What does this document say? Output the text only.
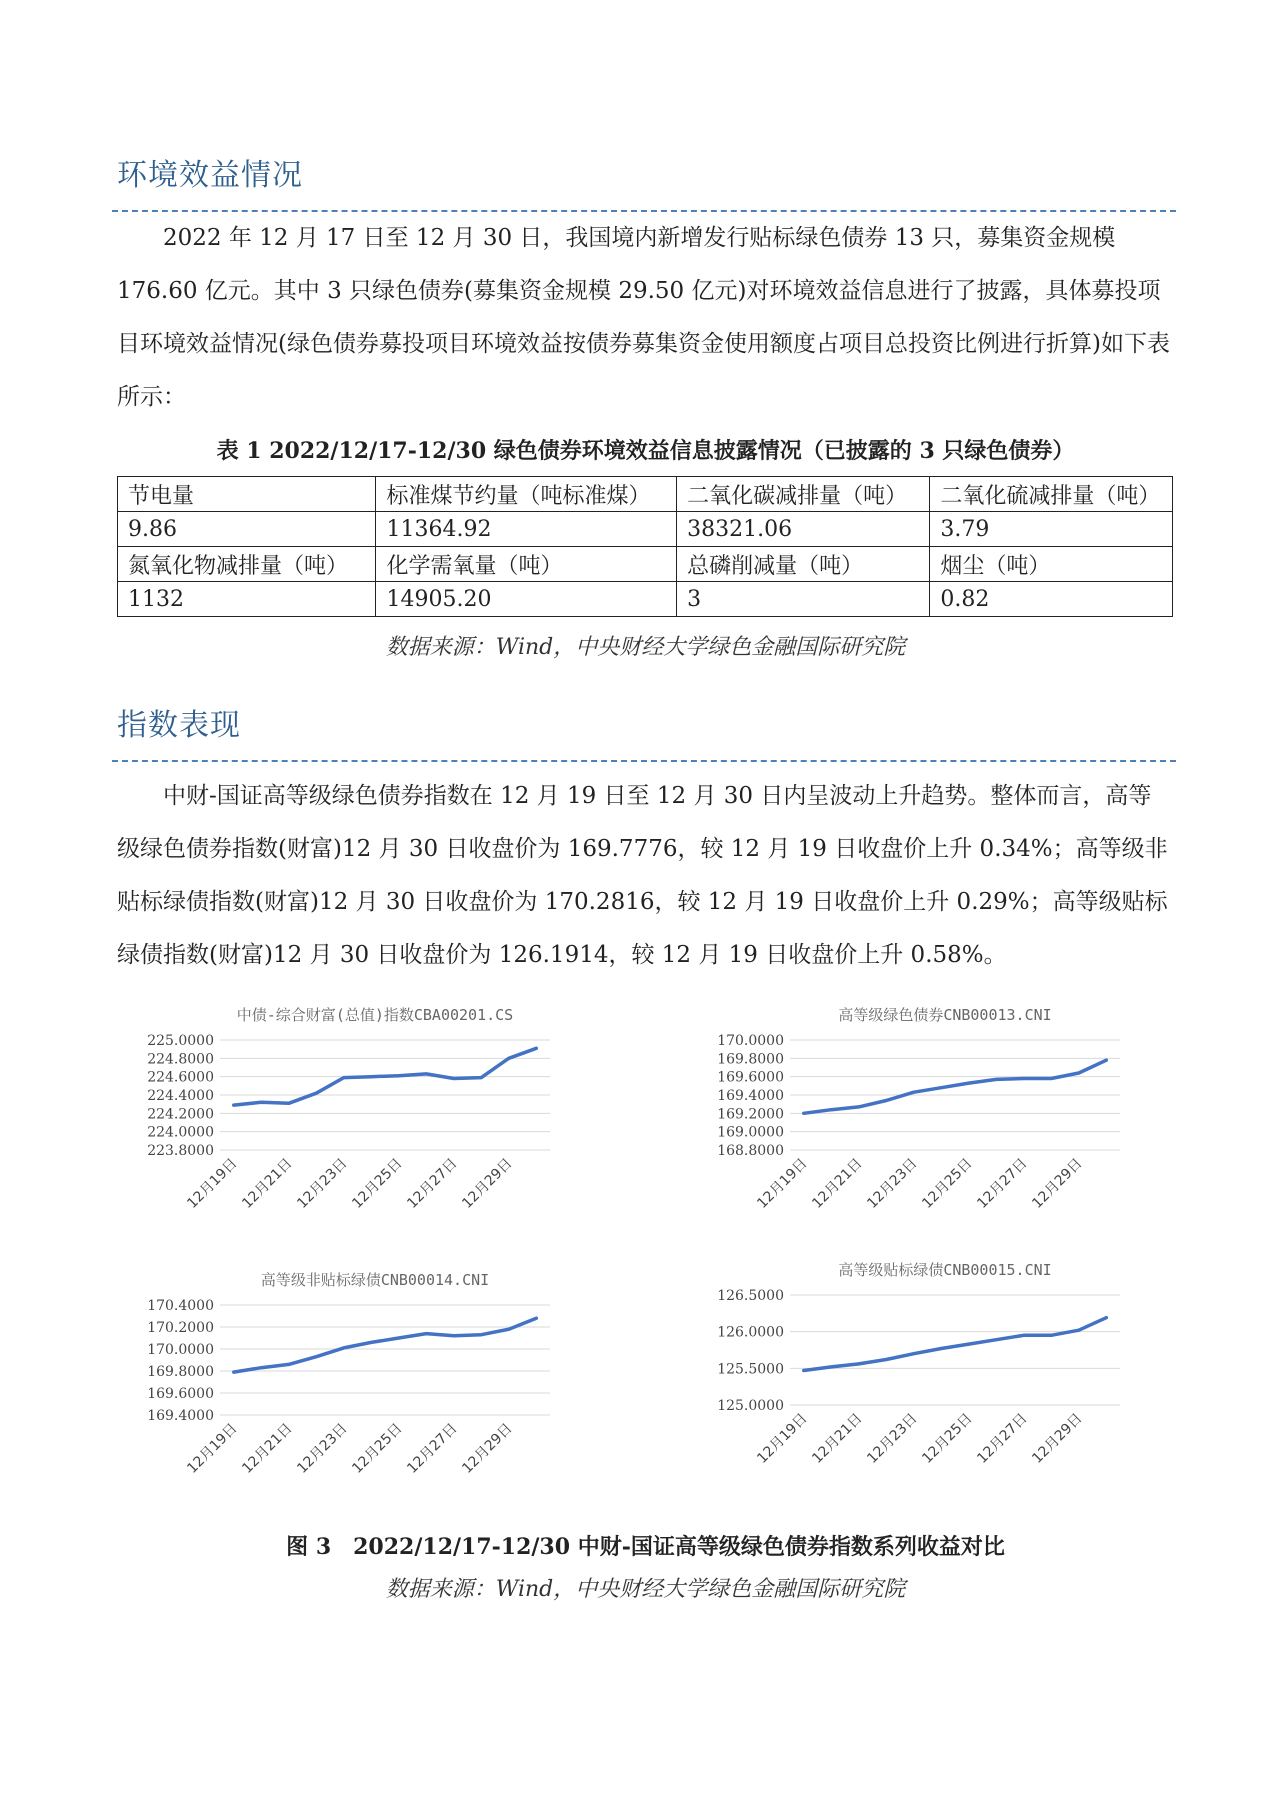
环境效益情况

2022 年 12 月 17 日至 12 月 30 日，我国境内新增发行贴标绿色债券 13 只，募集资金规模 176.60 亿元。其中 3 只绿色债券(募集资金规模 29.50 亿元)对环境效益信息进行了披露，具体募投项目环境效益情况(绿色债券募投项目环境效益按债券募集资金使用额度占项目总投资比例进行折算)如下表所示：

表 1 2022/12/17-12/30 绿色债券环境效益信息披露情况（已披露的 3 只绿色债券）
节电量	标准煤节约量（吨标准煤）	二氧化碳减排量（吨）	二氧化硫减排量（吨）
9.86	11364.92	38321.06	3.79
氮氧化物减排量（吨）	化学需氧量（吨）	总磷削减量（吨）	烟尘（吨）
1132	14905.20	3	0.82
数据来源：Wind，中央财经大学绿色金融国际研究院
指数表现

中财-国证高等级绿色债券指数在 12 月 19 日至 12 月 30 日内呈波动上升趋势。整体而言，高等级绿色债券指数(财富)12 月 30 日收盘价为 169.7776，较 12 月 19 日收盘价上升 0.34%；高等级非贴标绿债指数(财富)12 月 30 日收盘价为 170.2816，较 12 月 19 日收盘价上升 0.29%；高等级贴标绿债指数(财富)12 月 30 日收盘价为 126.1914，较 12 月 19 日收盘价上升 0.58%。

中债-综合财富(总值)指数CBA00201.CS
225.0000
224.8000
224.6000
224.4000
224.2000
224.0000
223.8000
12月19日
12月21日
12月23日
12月25日
12月27日
12月29日
高等级绿色债券CNB00013.CNI
170.0000
169.8000
169.6000
169.4000
169.2000
169.0000
168.8000
12月19日
12月21日
12月23日
12月25日
12月27日
12月29日
高等级非贴标绿债CNB00014.CNI
170.4000
170.2000
170.0000
169.8000
169.6000
169.4000
12月19日
12月21日
12月23日
12月25日
12月27日
12月29日
高等级贴标绿债CNB00015.CNI
126.5000
126.0000
125.5000
125.0000
12月19日
12月21日
12月23日
12月25日
12月27日
12月29日
图 3　2022/12/17-12/30 中财-国证高等级绿色债券指数系列收益对比
数据来源：Wind，中央财经大学绿色金融国际研究院
